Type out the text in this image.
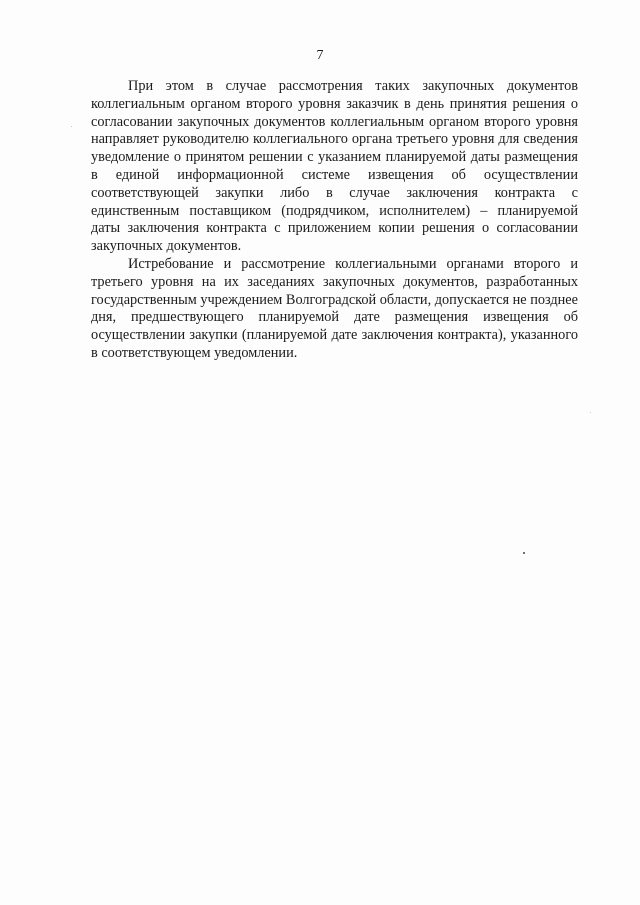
7

При этом в случае рассмотрения таких закупочных документов коллегиальным органом второго уровня заказчик в день принятия решения о согласовании закупочных документов коллегиальным органом второго уровня направляет руководителю коллегиального органа третьего уровня для сведения уведомление о принятом решении с указанием планируемой даты размещения в единой информационной системе извещения об осуществлении соответствующей закупки либо в случае заключения контракта с единственным поставщиком (подрядчиком, исполнителем) – планируемой даты заключения контракта с приложением копии решения о согласовании закупочных документов.

Истребование и рассмотрение коллегиальными органами второго и третьего уровня на их заседаниях закупочных документов, разработанных государственным учреждением Волгоградской области, допускается не позднее дня, предшествующего планируемой дате размещения извещения об осуществлении закупки (планируемой дате заключения контракта), указанного в соответствующем уведомлении.
